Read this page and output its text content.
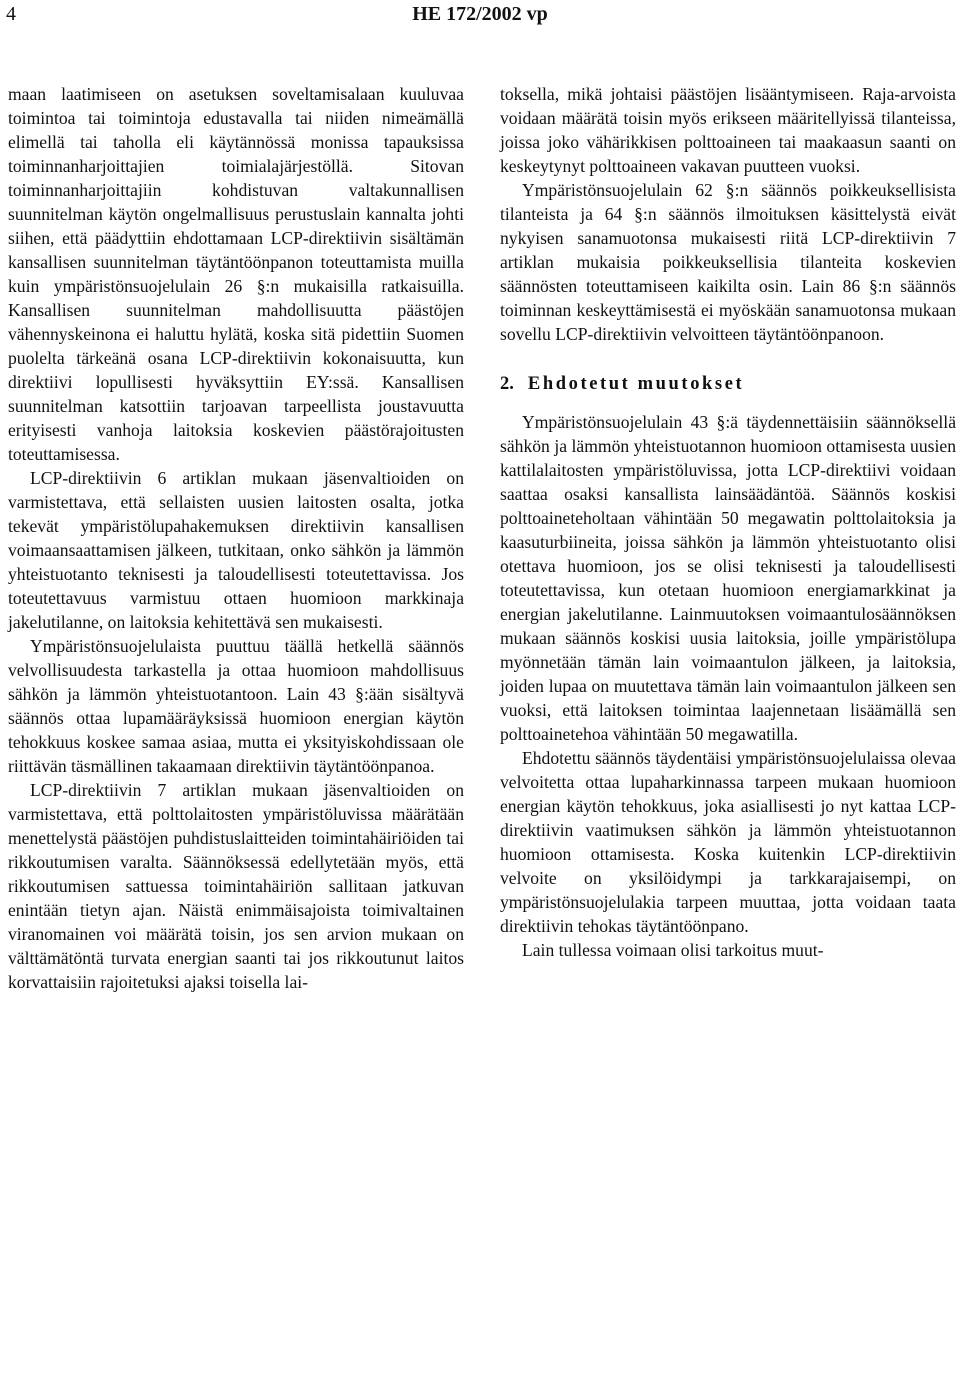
4	HE 172/2002 vp

maan laatimiseen on asetuksen soveltamisalaan kuuluvaa toimintoa tai toimintoja edustavalla tai niiden nimeämällä elimellä tai taholla eli käytännössä monissa tapauksissa toiminnanharjoittajien toimialajärjestöllä. Sitovan toiminnanharjoittajiin kohdistuvan valtakunnallisen suunnitelman käytön ongelmallisuus perustuslain kannalta johti siihen, että päädyttiin ehdottamaan LCP-direktiivin sisältämän kansallisen suunnitelman täytäntöönpanon toteuttamista muilla kuin ympäristönsuojelulain 26 §:n mukaisilla ratkaisuilla. Kansallisen suunnitelman mahdollisuutta päästöjen vähennyskeinona ei haluttu hylätä, koska sitä pidettiin Suomen puolelta tärkeänä osana LCP-direktiivin kokonaisuutta, kun direktiivi lopullisesti hyväksyttiin EY:ssä. Kansallisen suunnitelman katsottiin tarjoavan tarpeellista joustavuutta erityisesti vanhoja laitoksia koskevien päästörajoitusten toteuttamisessa.

LCP-direktiivin 6 artiklan mukaan jäsenvaltioiden on varmistettava, että sellaisten uusien laitosten osalta, jotka tekevät ympäristölupahakemuksen direktiivin kansallisen voimaansaattamisen jälkeen, tutkitaan, onko sähkön ja lämmön yhteistuotanto teknisesti ja taloudellisesti toteutettavissa. Jos toteutettavuus varmistuu ottaen huomioon markkinaja jakelutilanne, on laitoksia kehitettävä sen mukaisesti.

Ympäristönsuojelulaista puuttuu täällä hetkellä säännös velvollisuudesta tarkastella ja ottaa huomioon mahdollisuus sähkön ja lämmön yhteistuotantoon. Lain 43 §:ään sisältyvä säännös ottaa lupamääräyksissä huomioon energian käytön tehokkuus koskee samaa asiaa, mutta ei yksityiskohdissaan ole riittävän täsmällinen takaamaan direktiivin täytäntöönpanoa.

LCP-direktiivin 7 artiklan mukaan jäsenvaltioiden on varmistettava, että polttolaitosten ympäristöluvissa määrätään menettelystä päästöjen puhdistuslaitteiden toimintahäiriöiden tai rikkoutumisen varalta. Säännöksessä edellytetään myös, että rikkoutumisen sattuessa toimintahäiriön sallitaan jatkuvan enintään tietyn ajan. Näistä enimmäisajoista toimivaltainen viranomainen voi määrätä toisin, jos sen arvion mukaan on välttämätöntä turvata energian saanti tai jos rikkoutunut laitos korvattaisiin rajoitetuksi ajaksi toisella lai-

toksella, mikä johtaisi päästöjen lisääntymiseen. Raja-arvoista voidaan määrätä toisin myös erikseen määritellyissä tilanteissa, joissa joko vähärikkisen polttoaineen tai maakaasun saanti on keskeytynyt polttoaineen vakavan puutteen vuoksi.

Ympäristönsuojelulain 62 §:n säännös poikkeuksellisista tilanteista ja 64 §:n säännös ilmoituksen käsittelystä eivät nykyisen sanamuotonsa mukaisesti riitä LCP-direktiivin 7 artiklan mukaisia poikkeuksellisia tilanteita koskevien säännösten toteuttamiseen kaikilta osin. Lain 86 §:n säännös toiminnan keskeyttämisestä ei myöskään sanamuotonsa mukaan sovellu LCP-direktiivin velvoitteen täytäntöönpanoon.

2. Ehdotetut muutokset

Ympäristönsuojelulain 43 §:ä täydennettäisiin säännöksellä sähkön ja lämmön yhteistuotannon huomioon ottamisesta uusien kattilalaitosten ympäristöluvissa, jotta LCP-direktiivi voidaan saattaa osaksi kansallista lainsäädäntöä. Säännös koskisi polttoaineteholtaan vähintään 50 megawatin polttolaitoksia ja kaasuturbiineita, joissa sähkön ja lämmön yhteistuotanto olisi otettava huomioon, jos se olisi teknisesti ja taloudellisesti toteutettavissa, kun otetaan huomioon energiamarkkinat ja energian jakelutilanne. Lainmuutoksen voimaantulosäännöksen mukaan säännös koskisi uusia laitoksia, joille ympäristölupa myönnetään tämän lain voimaantulon jälkeen, ja laitoksia, joiden lupaa on muutettava tämän lain voimaantulon jälkeen sen vuoksi, että laitoksen toimintaa laajennetaan lisäämällä sen polttoainetehoa vähintään 50 megawatilla.

Ehdotettu säännös täydentäisi ympäristönsuojelulaissa olevaa velvoitetta ottaa lupaharkinnassa tarpeen mukaan huomioon energian käytön tehokkuus, joka asiallisesti jo nyt kattaa LCP-direktiivin vaatimuksen sähkön ja lämmön yhteistuotannon huomioon ottamisesta. Koska kuitenkin LCP-direktiivin velvoite on yksilöidympi ja tarkkarajaisempi, on ympäristönsuojelulakia tarpeen muuttaa, jotta voidaan taata direktiivin tehokas täytäntöönpano.

Lain tullessa voimaan olisi tarkoitus muut-
